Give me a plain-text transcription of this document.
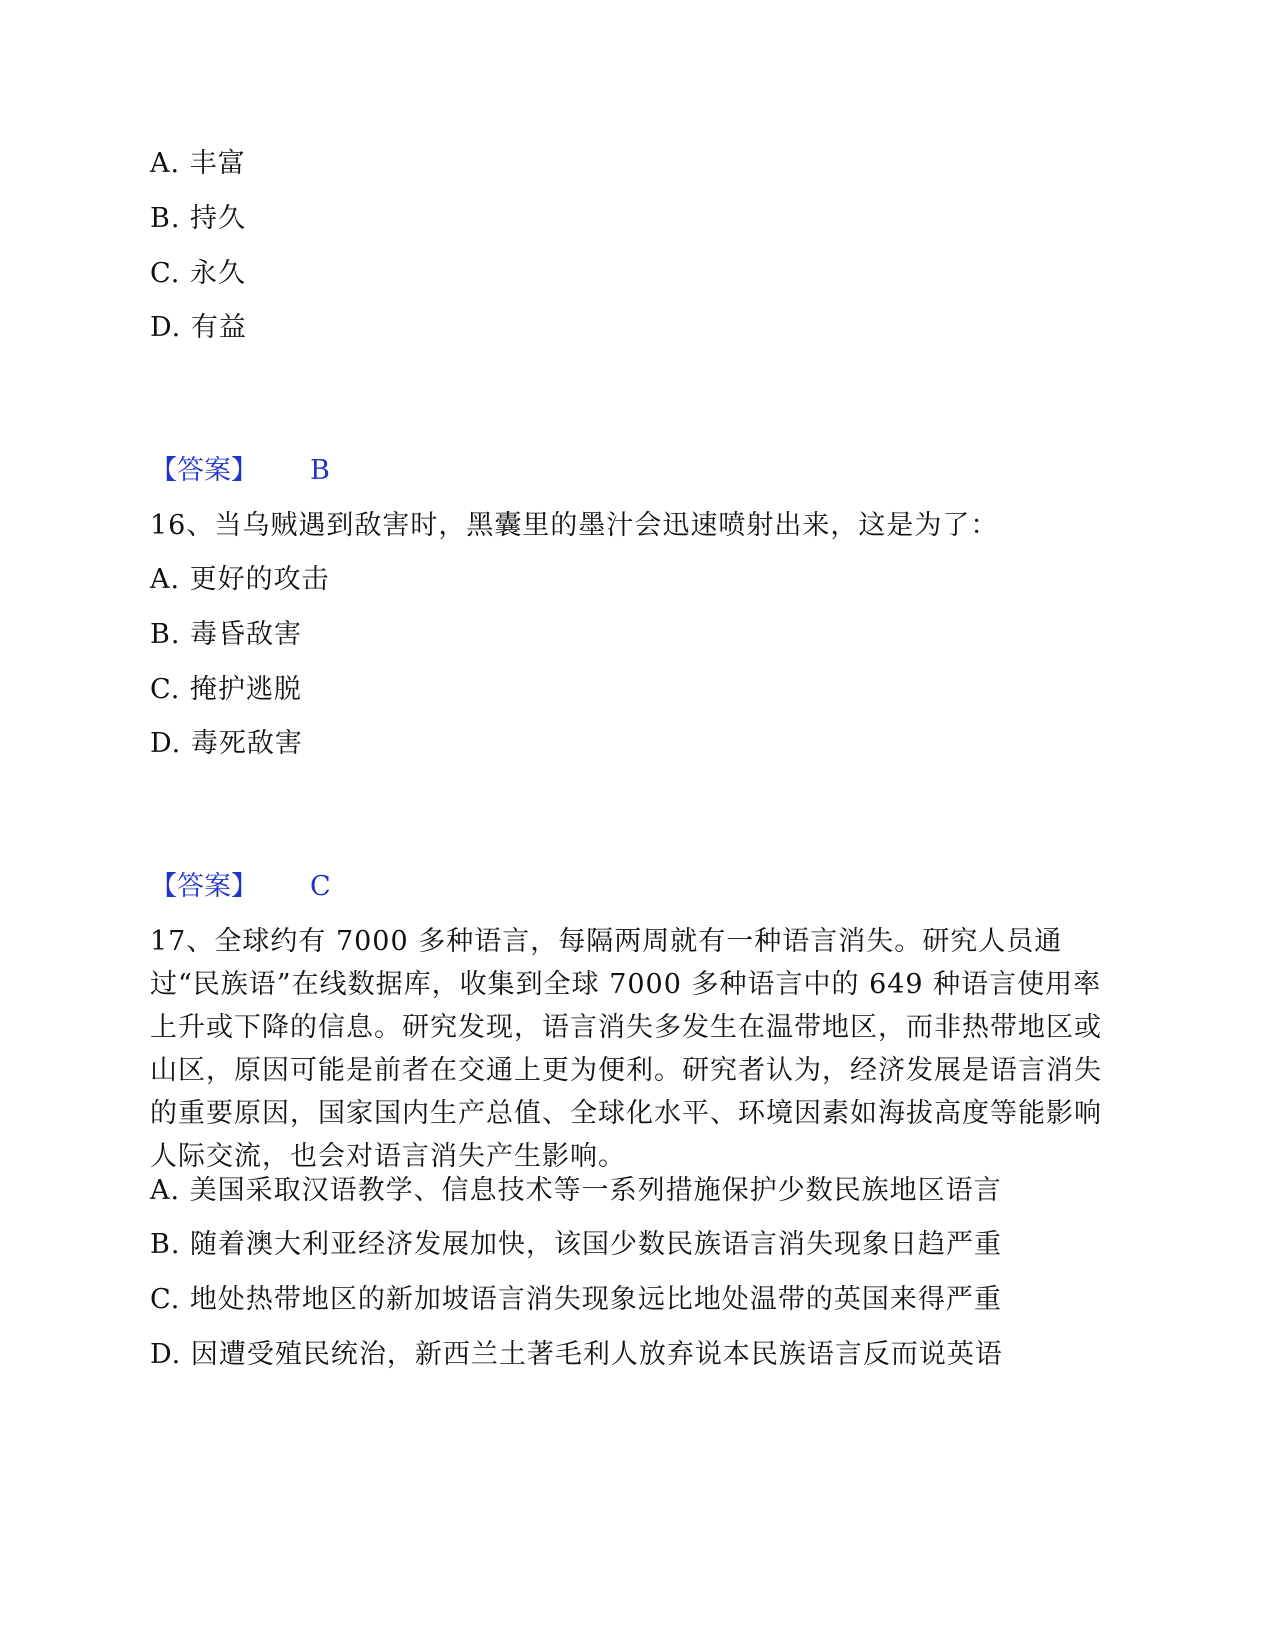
A. 丰富
B. 持久
C. 永久
D. 有益
【答案】 B
16、当乌贼遇到敌害时，黑囊里的墨汁会迅速喷射出来，这是为了：
A. 更好的攻击
B. 毒昏敌害
C. 掩护逃脱
D. 毒死敌害
【答案】 C
17、全球约有 7000 多种语言，每隔两周就有一种语言消失。研究人员通过“民族语”在线数据库，收集到全球 7000 多种语言中的 649 种语言使用率上升或下降的信息。研究发现，语言消失多发生在温带地区，而非热带地区或山区，原因可能是前者在交通上更为便利。研究者认为，经济发展是语言消失的重要原因，国家国内生产总值、全球化水平、环境因素如海拔高度等能影响人际交流，也会对语言消失产生影响。
A. 美国采取汉语教学、信息技术等一系列措施保护少数民族地区语言
B. 随着澳大利亚经济发展加快，该国少数民族语言消失现象日趋严重
C. 地处热带地区的新加坡语言消失现象远比地处温带的英国来得严重
D. 因遭受殖民统治，新西兰土著毛利人放弃说本民族语言反而说英语
